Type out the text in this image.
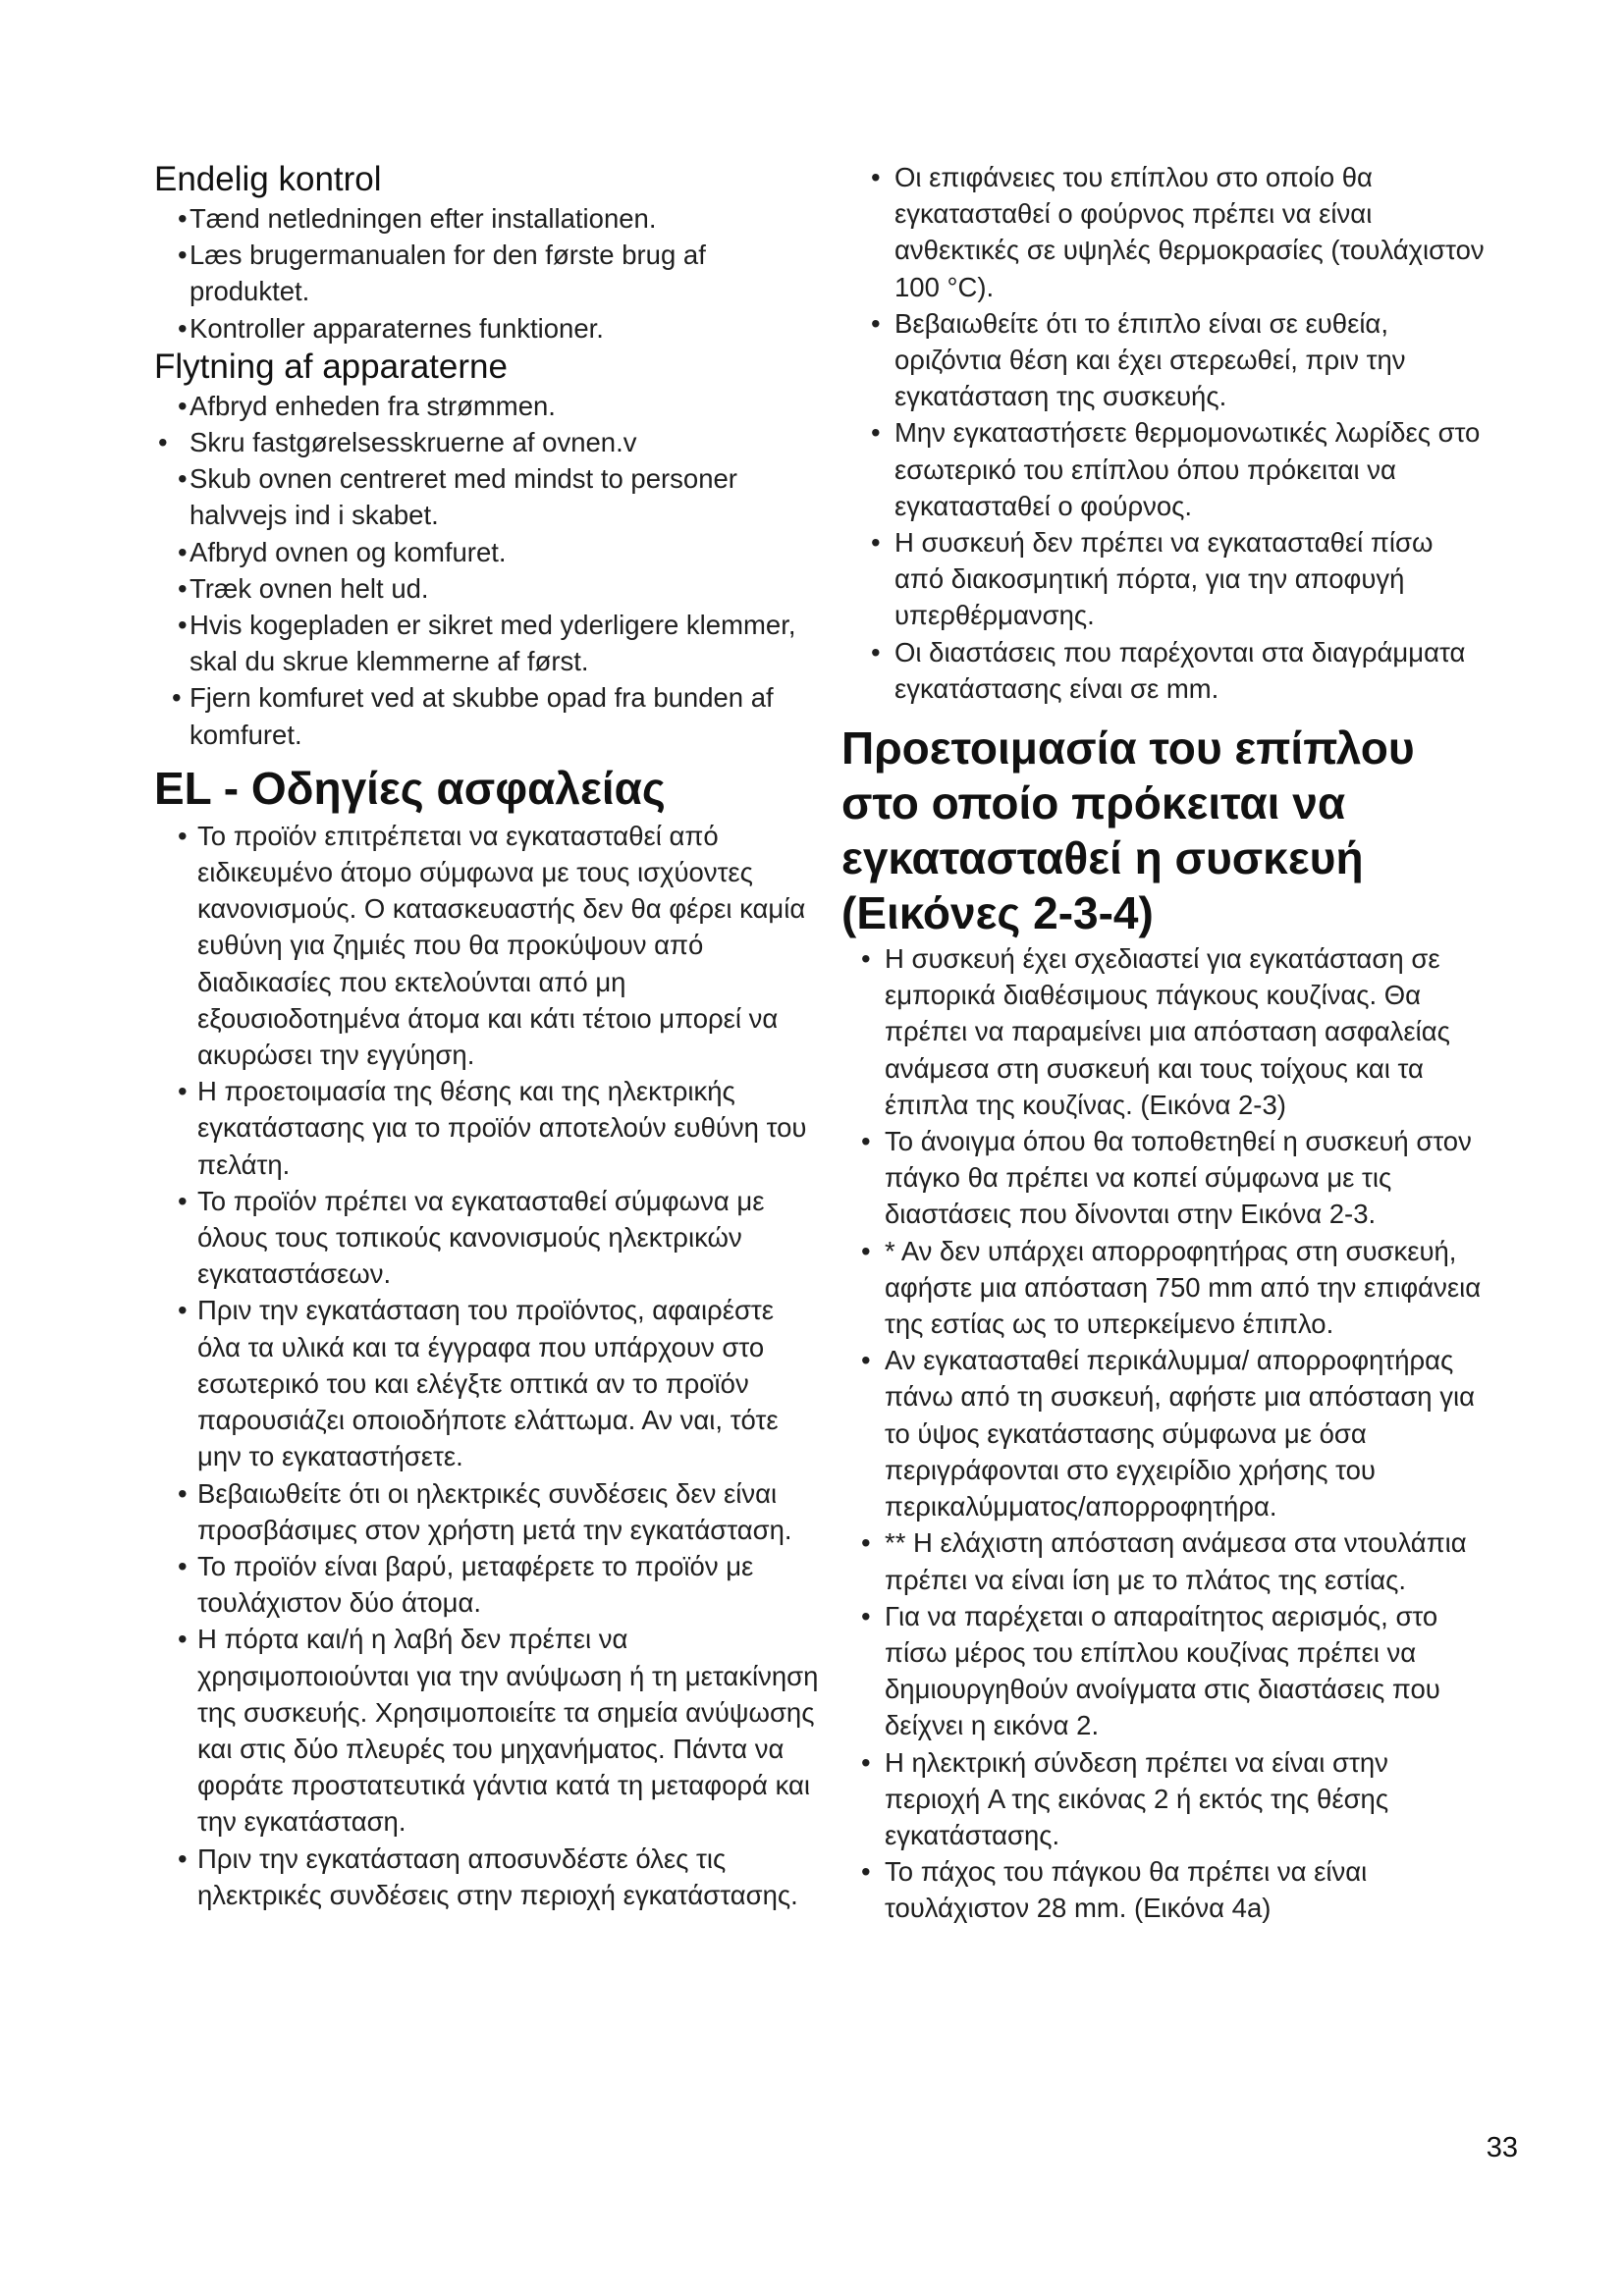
Endelig kontrol
• Tænd netledningen efter installationen.
• Læs brugermanualen for den første brug af produktet.
• Kontroller apparaternes funktioner.
Flytning af apparaterne
• Afbryd enheden fra strømmen.
• Skru fastgørelsesskruerne af ovnen.v
• Skub ovnen centreret med mindst to personer halvvejs ind i skabet.
• Afbryd ovnen og komfuret.
• Træk ovnen helt ud.
• Hvis kogepladen er sikret med yderligere klemmer, skal du skrue klemmerne af først.
• Fjern komfuret ved at skubbe opad fra bunden af komfuret.
EL - Οδηγίες ασφαλείας
• Το προϊόν επιτρέπεται να εγκατασταθεί από ειδικευμένο άτομο σύμφωνα με τους ισχύοντες κανονισμούς. Ο κατασκευαστής δεν θα φέρει καμία ευθύνη για ζημιές που θα προκύψουν από διαδικασίες που εκτελούνται από μη εξουσιοδοτημένα άτομα και κάτι τέτοιο μπορεί να ακυρώσει την εγγύηση.
• Η προετοιμασία της θέσης και της ηλεκτρικής εγκατάστασης για το προϊόν αποτελούν ευθύνη του πελάτη.
• Το προϊόν πρέπει να εγκατασταθεί σύμφωνα με όλους τους τοπικούς κανονισμούς ηλεκτρικών εγκαταστάσεων.
• Πριν την εγκατάσταση του προϊόντος, αφαιρέστε όλα τα υλικά και τα έγγραφα που υπάρχουν στο εσωτερικό του και ελέγξτε οπτικά αν το προϊόν παρουσιάζει οποιοδήποτε ελάττωμα. Αν ναι, τότε μην το εγκαταστήσετε.
• Βεβαιωθείτε ότι οι ηλεκτρικές συνδέσεις δεν είναι προσβάσιμες στον χρήστη μετά την εγκατάσταση.
• Το προϊόν είναι βαρύ, μεταφέρετε το προϊόν με τουλάχιστον δύο άτομα.
• Η πόρτα και/ή η λαβή δεν πρέπει να χρησιμοποιούνται για την ανύψωση ή τη μετακίνηση της συσκευής. Χρησιμοποιείτε τα σημεία ανύψωσης και στις δύο πλευρές του μηχανήματος. Πάντα να φοράτε προστατευτικά γάντια κατά τη μεταφορά και την εγκατάσταση.
• Πριν την εγκατάσταση αποσυνδέστε όλες τις ηλεκτρικές συνδέσεις στην περιοχή εγκατάστασης.
• Οι επιφάνειες του επίπλου στο οποίο θα εγκατασταθεί ο φούρνος πρέπει να είναι ανθεκτικές σε υψηλές θερμοκρασίες (τουλάχιστον 100 °C).
• Βεβαιωθείτε ότι το έπιπλο είναι σε ευθεία, οριζόντια θέση και έχει στερεωθεί, πριν την εγκατάσταση της συσκευής.
• Μην εγκαταστήσετε θερμομονωτικές λωρίδες στο εσωτερικό του επίπλου όπου πρόκειται να εγκατασταθεί ο φούρνος.
• Η συσκευή δεν πρέπει να εγκατασταθεί πίσω από διακοσμητική πόρτα, για την αποφυγή υπερθέρμανσης.
• Οι διαστάσεις που παρέχονται στα διαγράμματα εγκατάστασης είναι σε mm.
Προετοιμασία του επίπλου στο οποίο πρόκειται να εγκατασταθεί η συσκευή (Εικόνες 2-3-4)
• Η συσκευή έχει σχεδιαστεί για εγκατάσταση σε εμπορικά διαθέσιμους πάγκους κουζίνας. Θα πρέπει να παραμείνει μια απόσταση ασφαλείας ανάμεσα στη συσκευή και τους τοίχους και τα έπιπλα της κουζίνας. (Εικόνα 2-3)
• Το άνοιγμα όπου θα τοποθετηθεί η συσκευή στον πάγκο θα πρέπει να κοπεί σύμφωνα με τις διαστάσεις που δίνονται στην Εικόνα 2-3.
• * Αν δεν υπάρχει απορροφητήρας στη συσκευή, αφήστε μια απόσταση 750 mm από την επιφάνεια της εστίας ως το υπερκείμενο έπιπλο.
• Αν εγκατασταθεί περικάλυμμα/ απορροφητήρας πάνω από τη συσκευή, αφήστε μια απόσταση για το ύψος εγκατάστασης σύμφωνα με όσα περιγράφονται στο εγχειρίδιο χρήσης του περικαλύμματος/απορροφητήρα.
• ** Η ελάχιστη απόσταση ανάμεσα στα ντουλάπια πρέπει να είναι ίση με το πλάτος της εστίας.
• Για να παρέχεται ο απαραίτητος αερισμός, στο πίσω μέρος του επίπλου κουζίνας πρέπει να δημιουργηθούν ανοίγματα στις διαστάσεις που δείχνει η εικόνα 2.
• Η ηλεκτρική σύνδεση πρέπει να είναι στην περιοχή A της εικόνας 2 ή εκτός της θέσης εγκατάστασης.
• Το πάχος του πάγκου θα πρέπει να είναι τουλάχιστον 28 mm. (Εικόνα 4a)
33
